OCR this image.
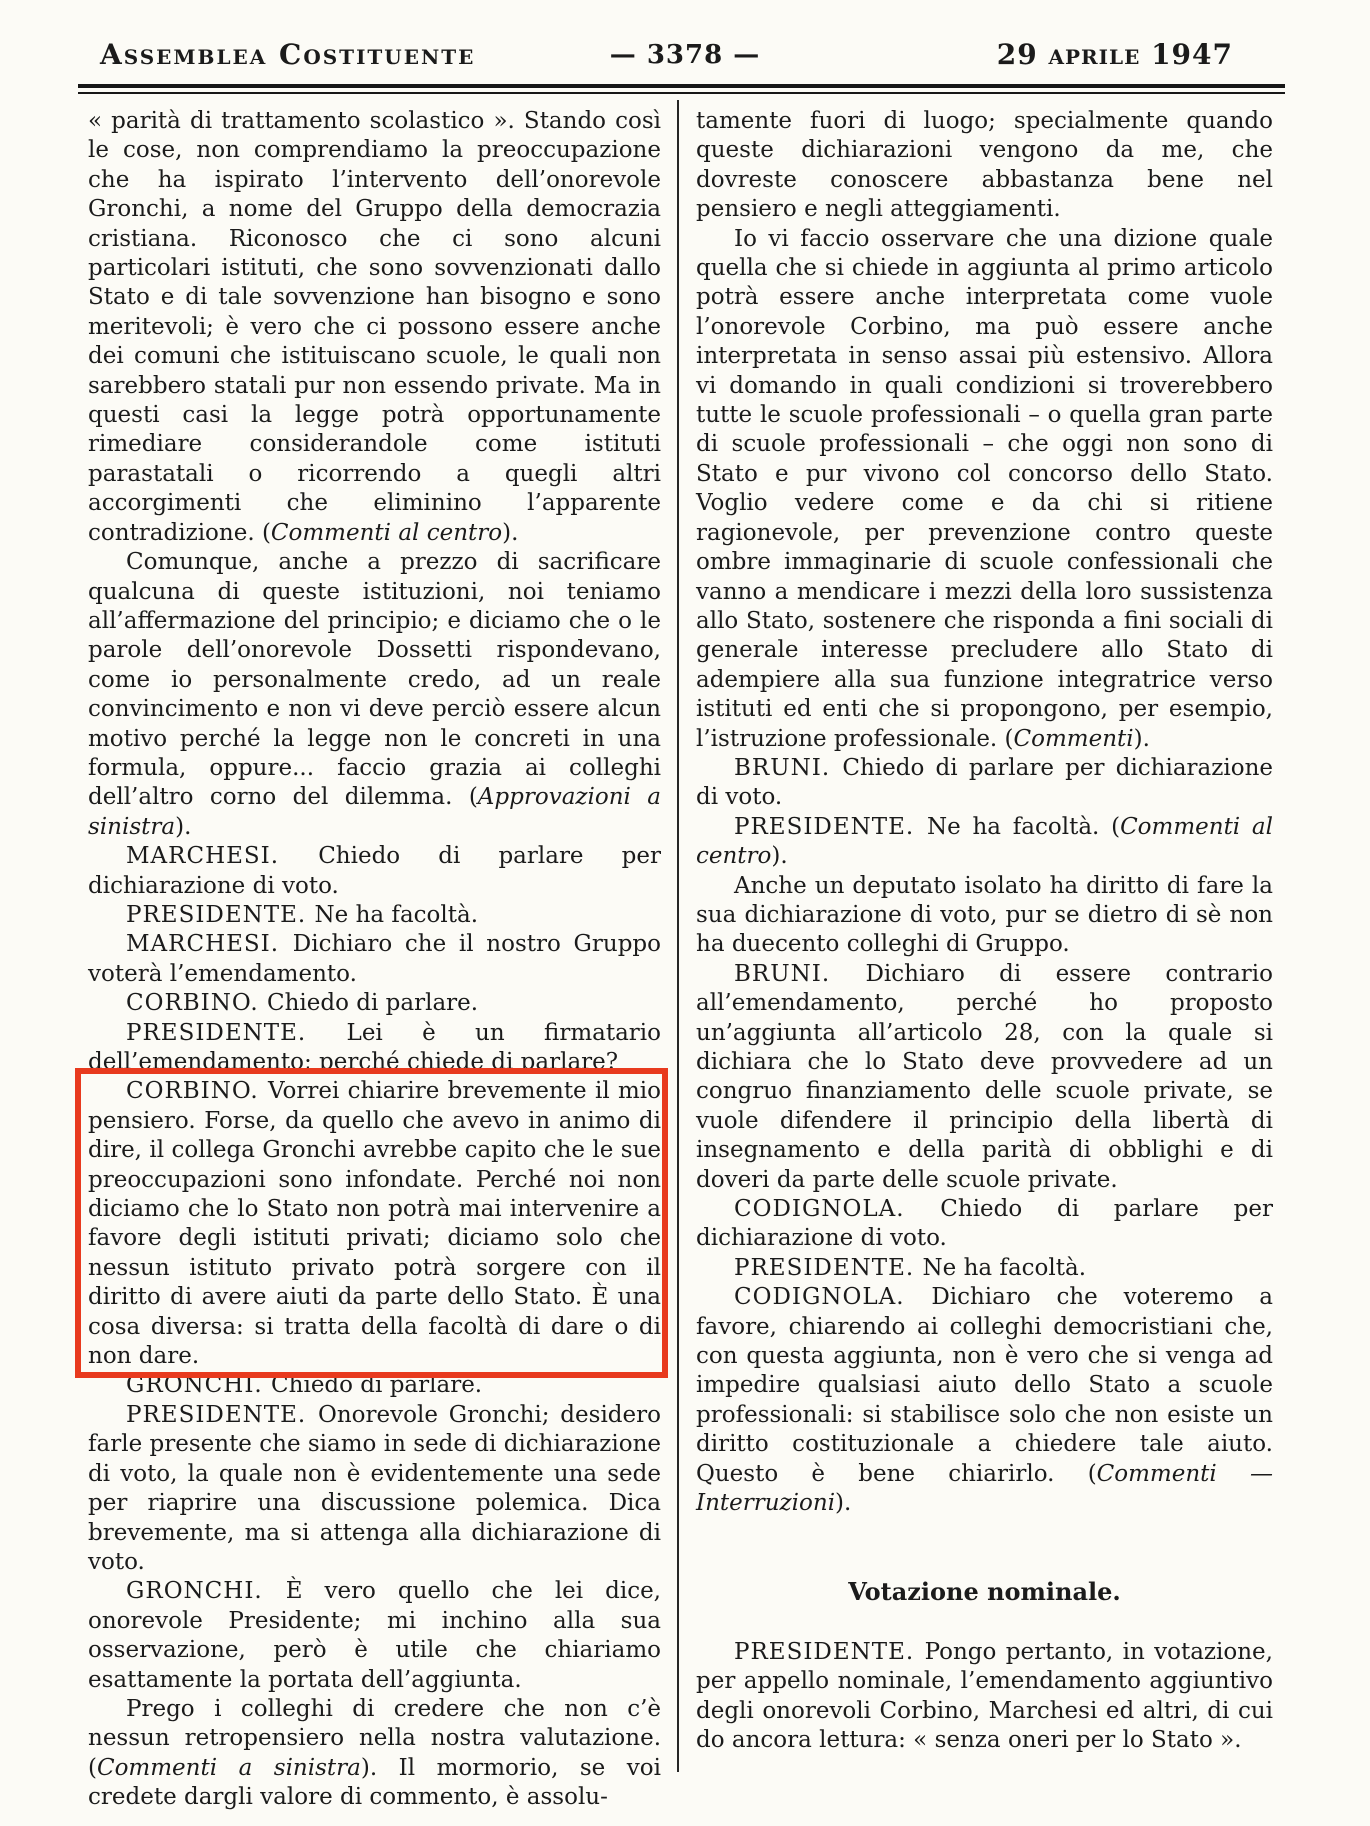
Assemblea Costituente	— 3378 —	29 aprile 1947

« parità di trattamento scolastico ». Stando così le cose, non comprendiamo la preoccupazione che ha ispirato l’intervento dell’onorevole Gronchi, a nome del Gruppo della democrazia cristiana. Riconosco che ci sono alcuni particolari istituti, che sono sovvenzionati dallo Stato e di tale sovvenzione han bisogno e sono meritevoli; è vero che ci possono essere anche dei comuni che istituiscano scuole, le quali non sarebbero statali pur non essendo private. Ma in questi casi la legge potrà opportunamente rimediare considerandole come istituti parastatali o ricorrendo a quegli altri accorgimenti che eliminino l’apparente contradizione. (Commenti al centro).

Comunque, anche a prezzo di sacrificare qualcuna di queste istituzioni, noi teniamo all’affermazione del principio; e diciamo che o le parole dell’onorevole Dossetti rispondevano, come io personalmente credo, ad un reale convincimento e non vi deve perciò essere alcun motivo perché la legge non le concreti in una formula, oppure... faccio grazia ai colleghi dell’altro corno del dilemma. (Approvazioni a sinistra).

MARCHESI. Chiedo di parlare per dichiarazione di voto.

PRESIDENTE. Ne ha facoltà.

MARCHESI. Dichiaro che il nostro Gruppo voterà l’emendamento.

CORBINO. Chiedo di parlare.

PRESIDENTE. Lei è un firmatario dell’emendamento; perché chiede di parlare?

CORBINO. Vorrei chiarire brevemente il mio pensiero. Forse, da quello che avevo in animo di dire, il collega Gronchi avrebbe capito che le sue preoccupazioni sono infondate. Perché noi non diciamo che lo Stato non potrà mai intervenire a favore degli istituti privati; diciamo solo che nessun istituto privato potrà sorgere con il diritto di avere aiuti da parte dello Stato. È una cosa diversa: si tratta della facoltà di dare o di non dare.

GRONCHI. Chiedo di parlare.

PRESIDENTE. Onorevole Gronchi; desidero farle presente che siamo in sede di dichiarazione di voto, la quale non è evidentemente una sede per riaprire una discussione polemica. Dica brevemente, ma si attenga alla dichiarazione di voto.

GRONCHI. È vero quello che lei dice, onorevole Presidente; mi inchino alla sua osservazione, però è utile che chiariamo esattamente la portata dell’aggiunta.

Prego i colleghi di credere che non c’è nessun retropensiero nella nostra valutazione. (Commenti a sinistra). Il mormorio, se voi credete dargli valore di commento, è assolu-

tamente fuori di luogo; specialmente quando queste dichiarazioni vengono da me, che dovreste conoscere abbastanza bene nel pensiero e negli atteggiamenti.

Io vi faccio osservare che una dizione quale quella che si chiede in aggiunta al primo articolo potrà essere anche interpretata come vuole l’onorevole Corbino, ma può essere anche interpretata in senso assai più estensivo. Allora vi domando in quali condizioni si troverebbero tutte le scuole professionali – o quella gran parte di scuole professionali – che oggi non sono di Stato e pur vivono col concorso dello Stato. Voglio vedere come e da chi si ritiene ragionevole, per prevenzione contro queste ombre immaginarie di scuole confessionali che vanno a mendicare i mezzi della loro sussistenza allo Stato, sostenere che risponda a fini sociali di generale interesse precludere allo Stato di adempiere alla sua funzione integratrice verso istituti ed enti che si propongono, per esempio, l’istruzione professionale. (Commenti).

BRUNI. Chiedo di parlare per dichiarazione di voto.

PRESIDENTE. Ne ha facoltà. (Commenti al centro).

Anche un deputato isolato ha diritto di fare la sua dichiarazione di voto, pur se dietro di sè non ha duecento colleghi di Gruppo.

BRUNI. Dichiaro di essere contrario all’emendamento, perché ho proposto un’aggiunta all’articolo 28, con la quale si dichiara che lo Stato deve provvedere ad un congruo finanziamento delle scuole private, se vuole difendere il principio della libertà di insegnamento e della parità di obblighi e di doveri da parte delle scuole private.

CODIGNOLA. Chiedo di parlare per dichiarazione di voto.

PRESIDENTE. Ne ha facoltà.

CODIGNOLA. Dichiaro che voteremo a favore, chiarendo ai colleghi democristiani che, con questa aggiunta, non è vero che si venga ad impedire qualsiasi aiuto dello Stato a scuole professionali: si stabilisce solo che non esiste un diritto costituzionale a chiedere tale aiuto. Questo è bene chiarirlo. (Commenti — Interruzioni).

Votazione nominale.

PRESIDENTE. Pongo pertanto, in votazione, per appello nominale, l’emendamento aggiuntivo degli onorevoli Corbino, Marchesi ed altri, di cui do ancora lettura: « senza oneri per lo Stato ».
